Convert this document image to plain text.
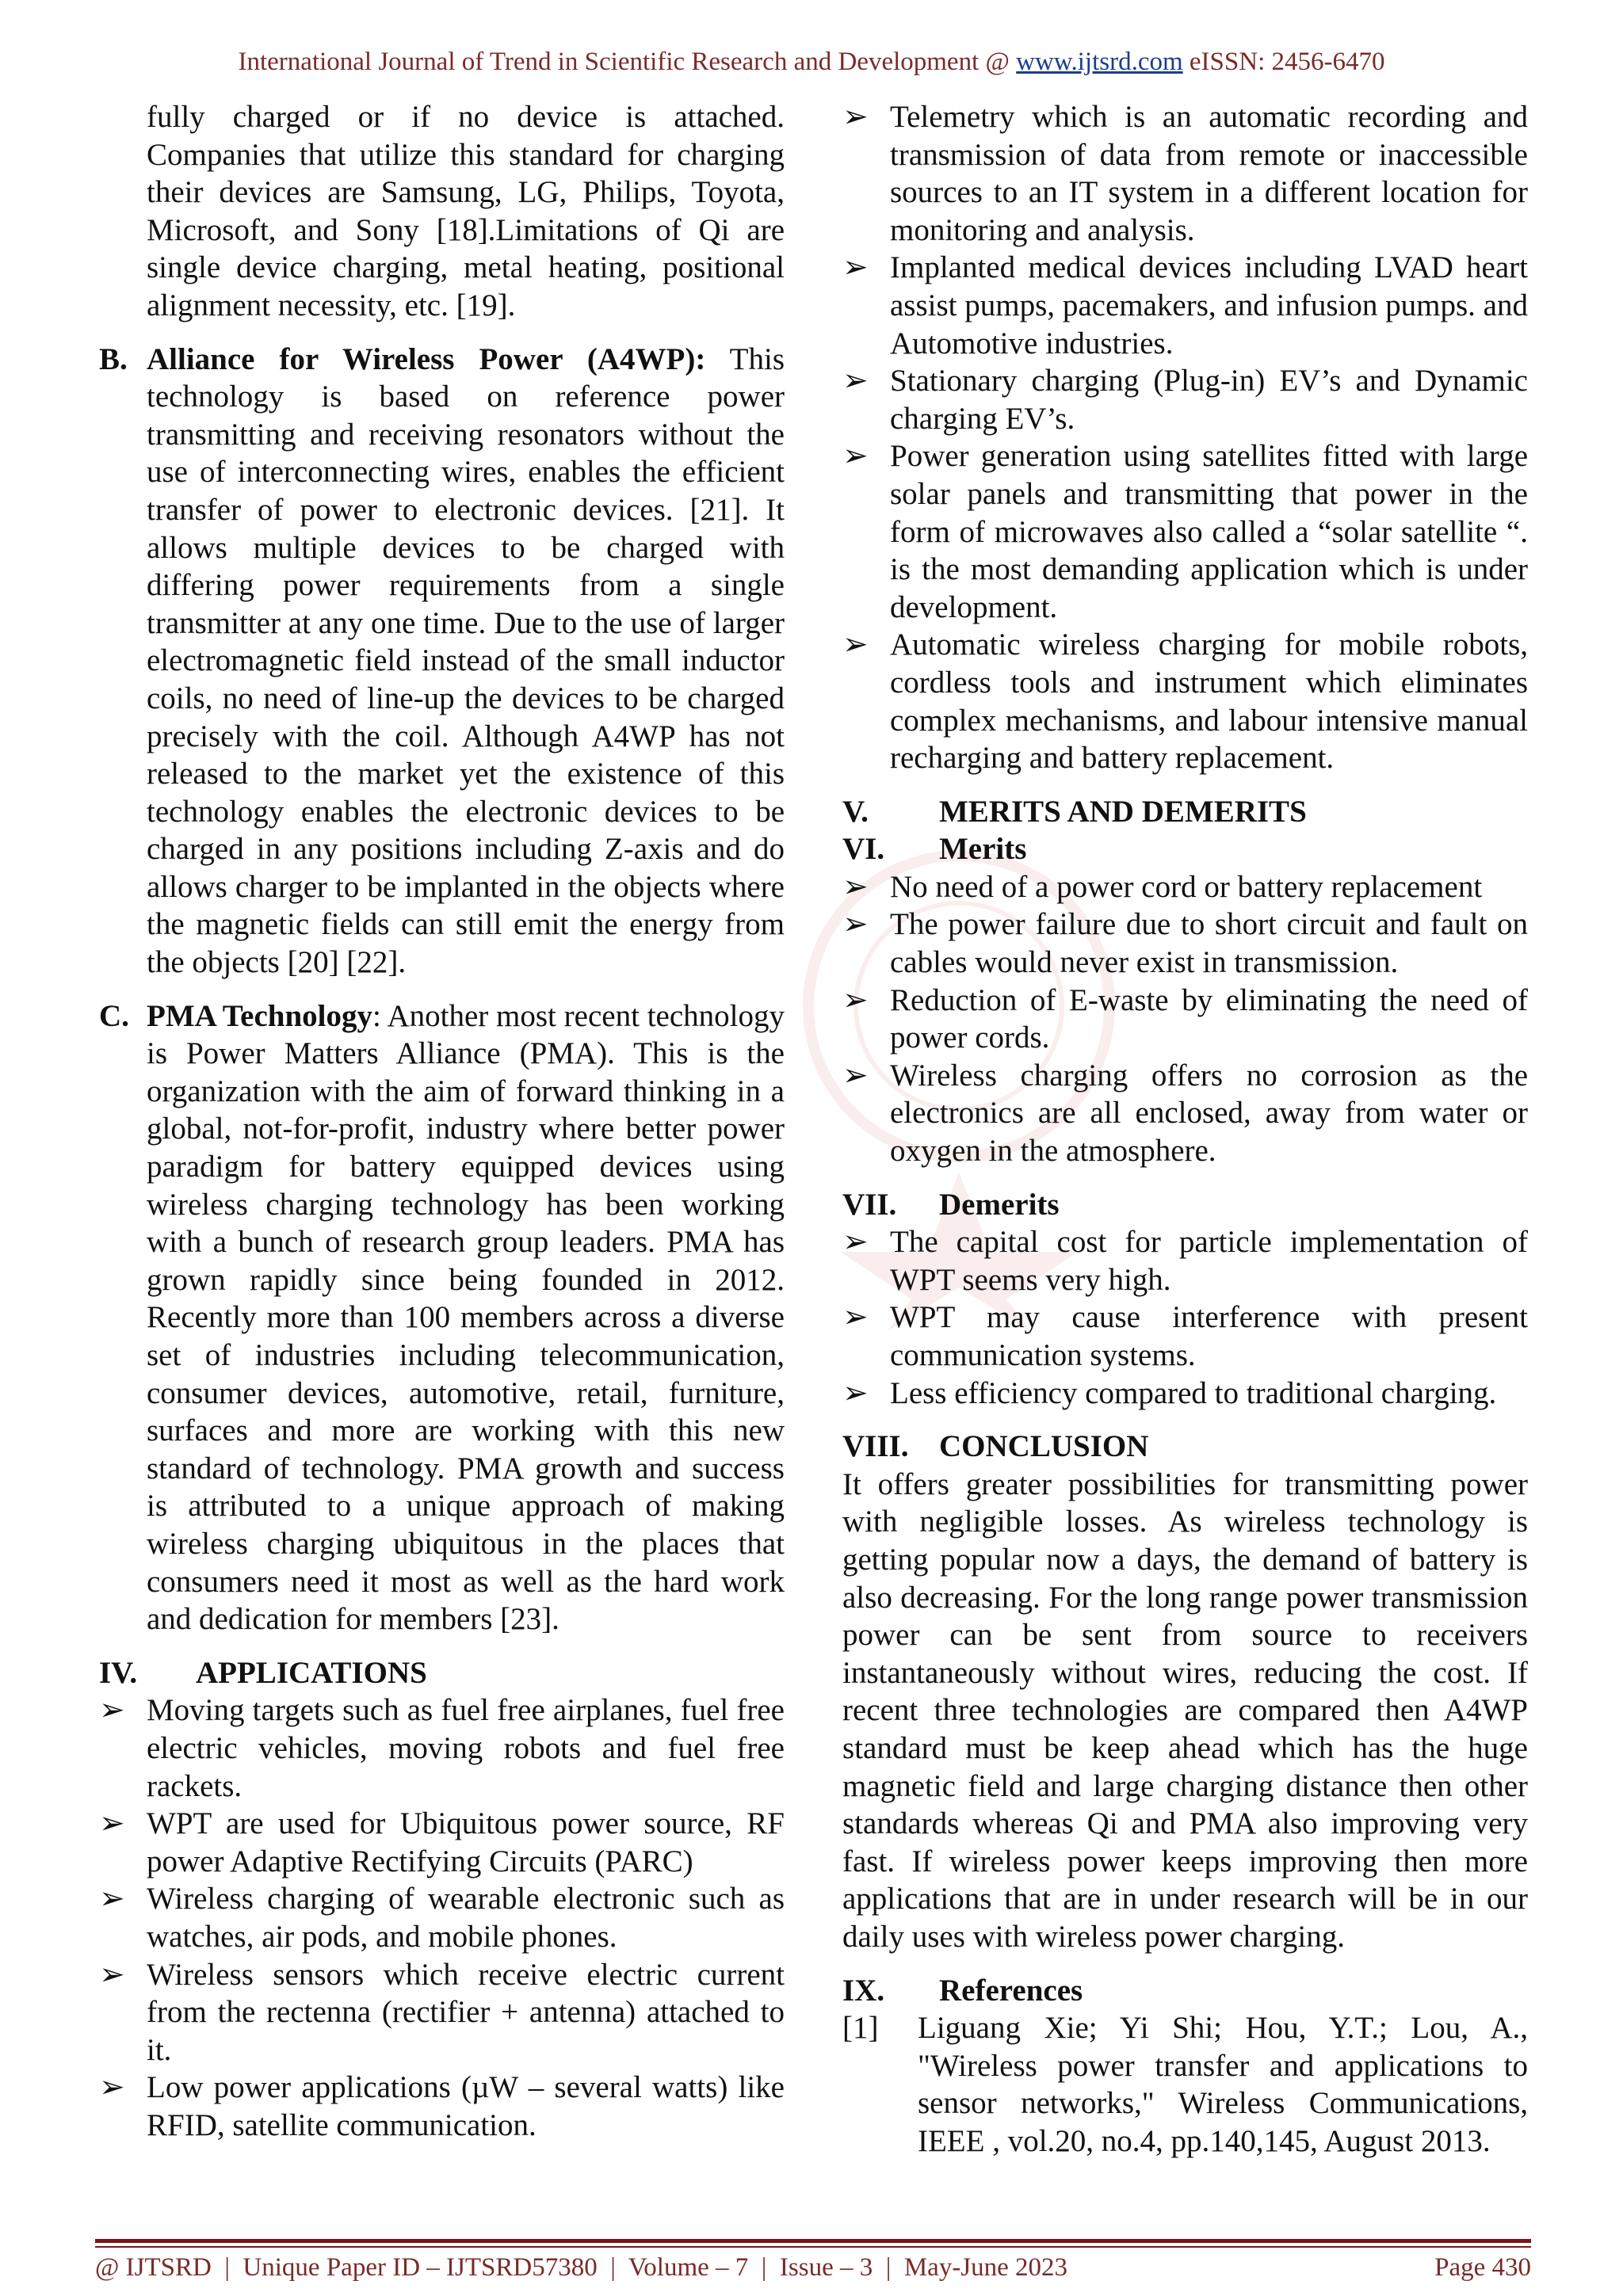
International Journal of Trend in Scientific Research and Development @ www.ijtsrd.com eISSN: 2456-6470

fully charged or if no device is attached. Companies that utilize this standard for charging their devices are Samsung, LG, Philips, Toyota, Microsoft, and Sony [18].Limitations of Qi are single device charging, metal heating, positional alignment necessity, etc. [19].

B. Alliance for Wireless Power (A4WP): This technology is based on reference power transmitting and receiving resonators without the use of interconnecting wires, enables the efficient transfer of power to electronic devices. [21]. It allows multiple devices to be charged with differing power requirements from a single transmitter at any one time. Due to the use of larger electromagnetic field instead of the small inductor coils, no need of line-up the devices to be charged precisely with the coil. Although A4WP has not released to the market yet the existence of this technology enables the electronic devices to be charged in any positions including Z-axis and do allows charger to be implanted in the objects where the magnetic fields can still emit the energy from the objects [20] [22].
C. PMA Technology: Another most recent technology is Power Matters Alliance (PMA). This is the organization with the aim of forward thinking in a global, not-for-profit, industry where better power paradigm for battery equipped devices using wireless charging technology has been working with a bunch of research group leaders. PMA has grown rapidly since being founded in 2012. Recently more than 100 members across a diverse set of industries including telecommunication, consumer devices, automotive, retail, furniture, surfaces and more are working with this new standard of technology. PMA growth and success is attributed to a unique approach of making wireless charging ubiquitous in the places that consumers need it most as well as the hard work and dedication for members [23].
IV. APPLICATIONS
➢ Moving targets such as fuel free airplanes, fuel free electric vehicles, moving robots and fuel free rackets.
➢ WPT are used for Ubiquitous power source, RF power Adaptive Rectifying Circuits (PARC)
➢ Wireless charging of wearable electronic such as watches, air pods, and mobile phones.
➢ Wireless sensors which receive electric current from the rectenna (rectifier + antenna) attached to it.
➢ Low power applications (µW – several watts) like RFID, satellite communication.
➢ Telemetry which is an automatic recording and transmission of data from remote or inaccessible sources to an IT system in a different location for monitoring and analysis.
➢ Implanted medical devices including LVAD heart assist pumps, pacemakers, and infusion pumps. and Automotive industries.
➢ Stationary charging (Plug-in) EV’s and Dynamic charging EV’s.
➢ Power generation using satellites fitted with large solar panels and transmitting that power in the form of microwaves also called a “solar satellite “. is the most demanding application which is under development.
➢ Automatic wireless charging for mobile robots, cordless tools and instrument which eliminates complex mechanisms, and labour intensive manual recharging and battery replacement.
V. MERITS AND DEMERITS
VI. Merits
➢ No need of a power cord or battery replacement
➢ The power failure due to short circuit and fault on cables would never exist in transmission.
➢ Reduction of E-waste by eliminating the need of power cords.
➢ Wireless charging offers no corrosion as the electronics are all enclosed, away from water or oxygen in the atmosphere.
VII. Demerits
➢ The capital cost for particle implementation of WPT seems very high.
➢ WPT may cause interference with present communication systems.
➢ Less efficiency compared to traditional charging.
VIII. CONCLUSION

It offers greater possibilities for transmitting power with negligible losses. As wireless technology is getting popular now a days, the demand of battery is also decreasing. For the long range power transmission power can be sent from source to receivers instantaneously without wires, reducing the cost. If recent three technologies are compared then A4WP standard must be keep ahead which has the huge magnetic field and large charging distance then other standards whereas Qi and PMA also improving very fast. If wireless power keeps improving then more applications that are in under research will be in our daily uses with wireless power charging.

IX. References
[1] Liguang Xie; Yi Shi; Hou, Y.T.; Lou, A., "Wireless power transfer and applications to sensor networks," Wireless Communications, IEEE , vol.20, no.4, pp.140,145, August 2013.
@ IJTSRD  |  Unique Paper ID – IJTSRD57380  |  Volume – 7  |  Issue – 3  |  May-June 2023	Page 430
